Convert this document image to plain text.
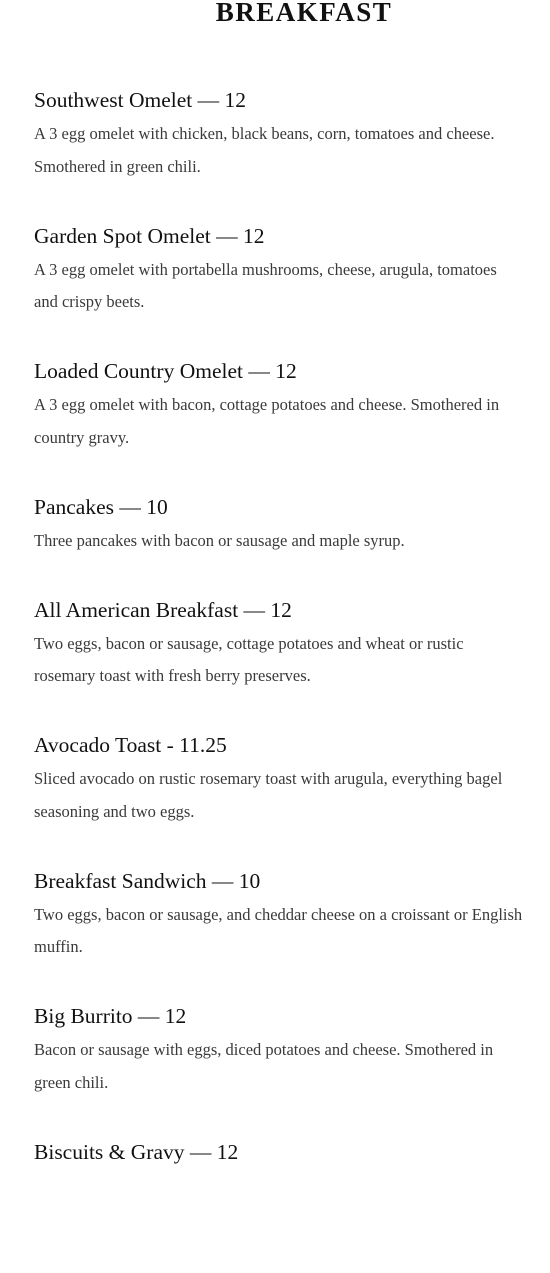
BREAKFAST

Southwest Omelet — 12

A 3 egg omelet with chicken, black beans, corn, tomatoes and cheese. Smothered in green chili.

Garden Spot Omelet — 12

A 3 egg omelet with portabella mushrooms, cheese, arugula, tomatoes and crispy beets.

Loaded Country Omelet — 12

A 3 egg omelet with bacon, cottage potatoes and cheese. Smothered in country gravy.

Pancakes — 10

Three pancakes with bacon or sausage and maple syrup.

All American Breakfast — 12

Two eggs, bacon or sausage, cottage potatoes and wheat or rustic rosemary toast with fresh berry preserves.

Avocado Toast - 11.25

Sliced avocado on rustic rosemary toast with arugula, everything bagel seasoning and two eggs.

Breakfast Sandwich — 10

Two eggs, bacon or sausage, and cheddar cheese on a croissant or English muffin.

Big Burrito — 12

Bacon or sausage with eggs, diced potatoes and cheese. Smothered in green chili.

Biscuits & Gravy — 12
